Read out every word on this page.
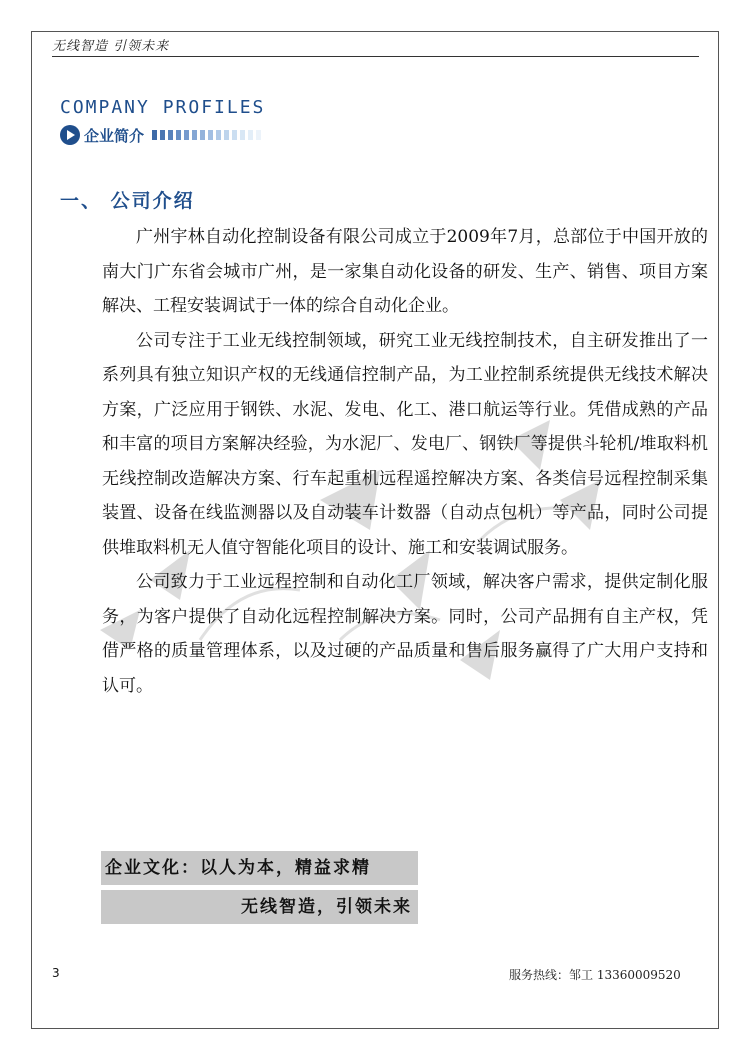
无线智造 引领未来
COMPANY PROFILES
企业简介
一、 公司介绍

广州宇林自动化控制设备有限公司成立于2009年7月，总部位于中国开放的南大门广东省会城市广州，是一家集自动化设备的研发、生产、销售、项目方案解决、工程安装调试于一体的综合自动化企业。

公司专注于工业无线控制领域，研究工业无线控制技术，自主研发推出了一系列具有独立知识产权的无线通信控制产品，为工业控制系统提供无线技术解决方案，广泛应用于钢铁、水泥、发电、化工、港口航运等行业。凭借成熟的产品和丰富的项目方案解决经验，为水泥厂、发电厂、钢铁厂等提供斗轮机/堆取料机无线控制改造解决方案、行车起重机远程遥控解决方案、各类信号远程控制采集装置、设备在线监测器以及自动装车计数器（自动点包机）等产品，同时公司提供堆取料机无人值守智能化项目的设计、施工和安装调试服务。

公司致力于工业远程控制和自动化工厂领域，解决客户需求，提供定制化服务，为客户提供了自动化远程控制解决方案。同时，公司产品拥有自主产权，凭借严格的质量管理体系，以及过硬的产品质量和售后服务赢得了广大用户支持和认可。

企业文化：以人为本，精益求精
无线智造，引领未来
3	服务热线：邹工 13360009520
